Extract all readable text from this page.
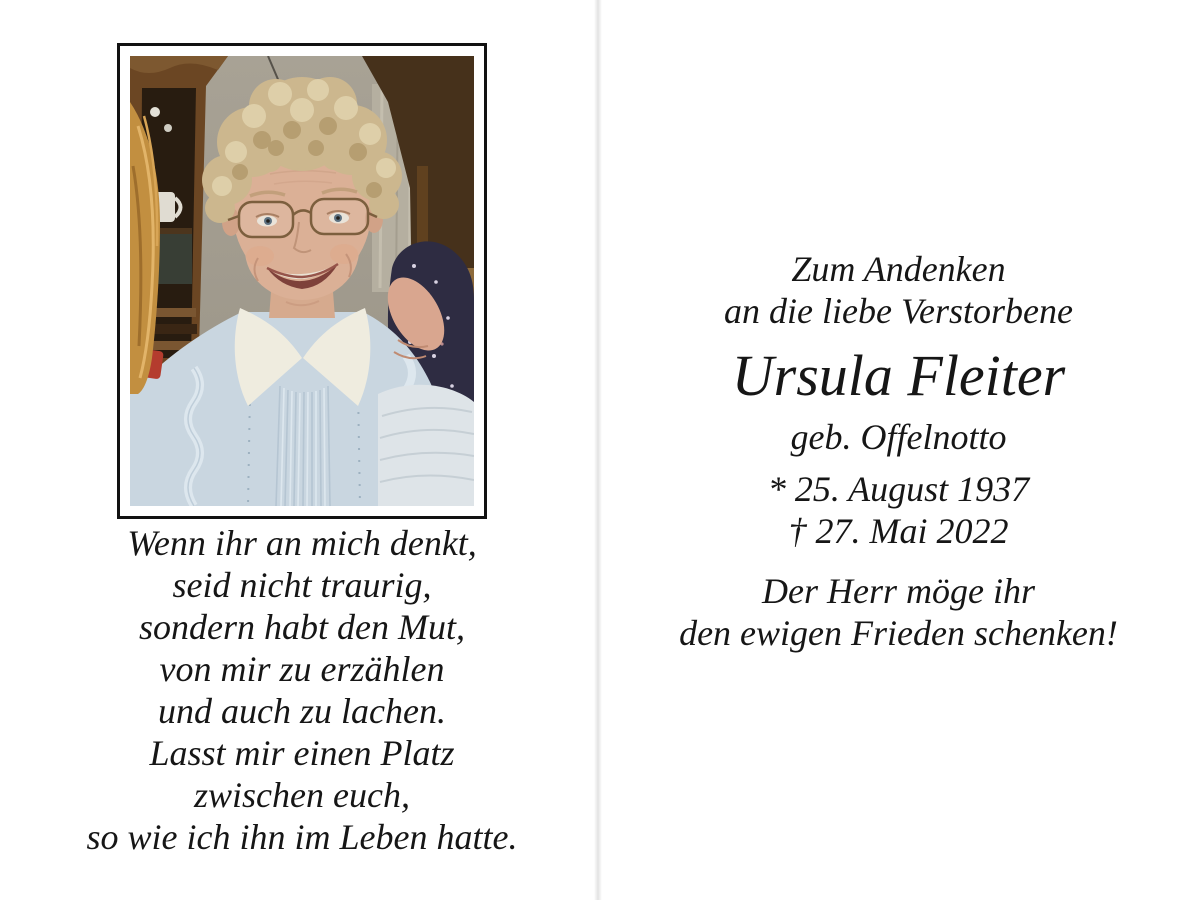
Wenn ihr an mich denkt,
seid nicht traurig,
sondern habt den Mut,
von mir zu erzählen
und auch zu lachen.
Lasst mir einen Platz
zwischen euch,
so wie ich ihn im Leben hatte.
Zum Andenken
an die liebe Verstorbene
Ursula Fleiter
geb. Offelnotto
* 25. August 1937
† 27. Mai 2022
Der Herr möge ihr
den ewigen Frieden schenken!
